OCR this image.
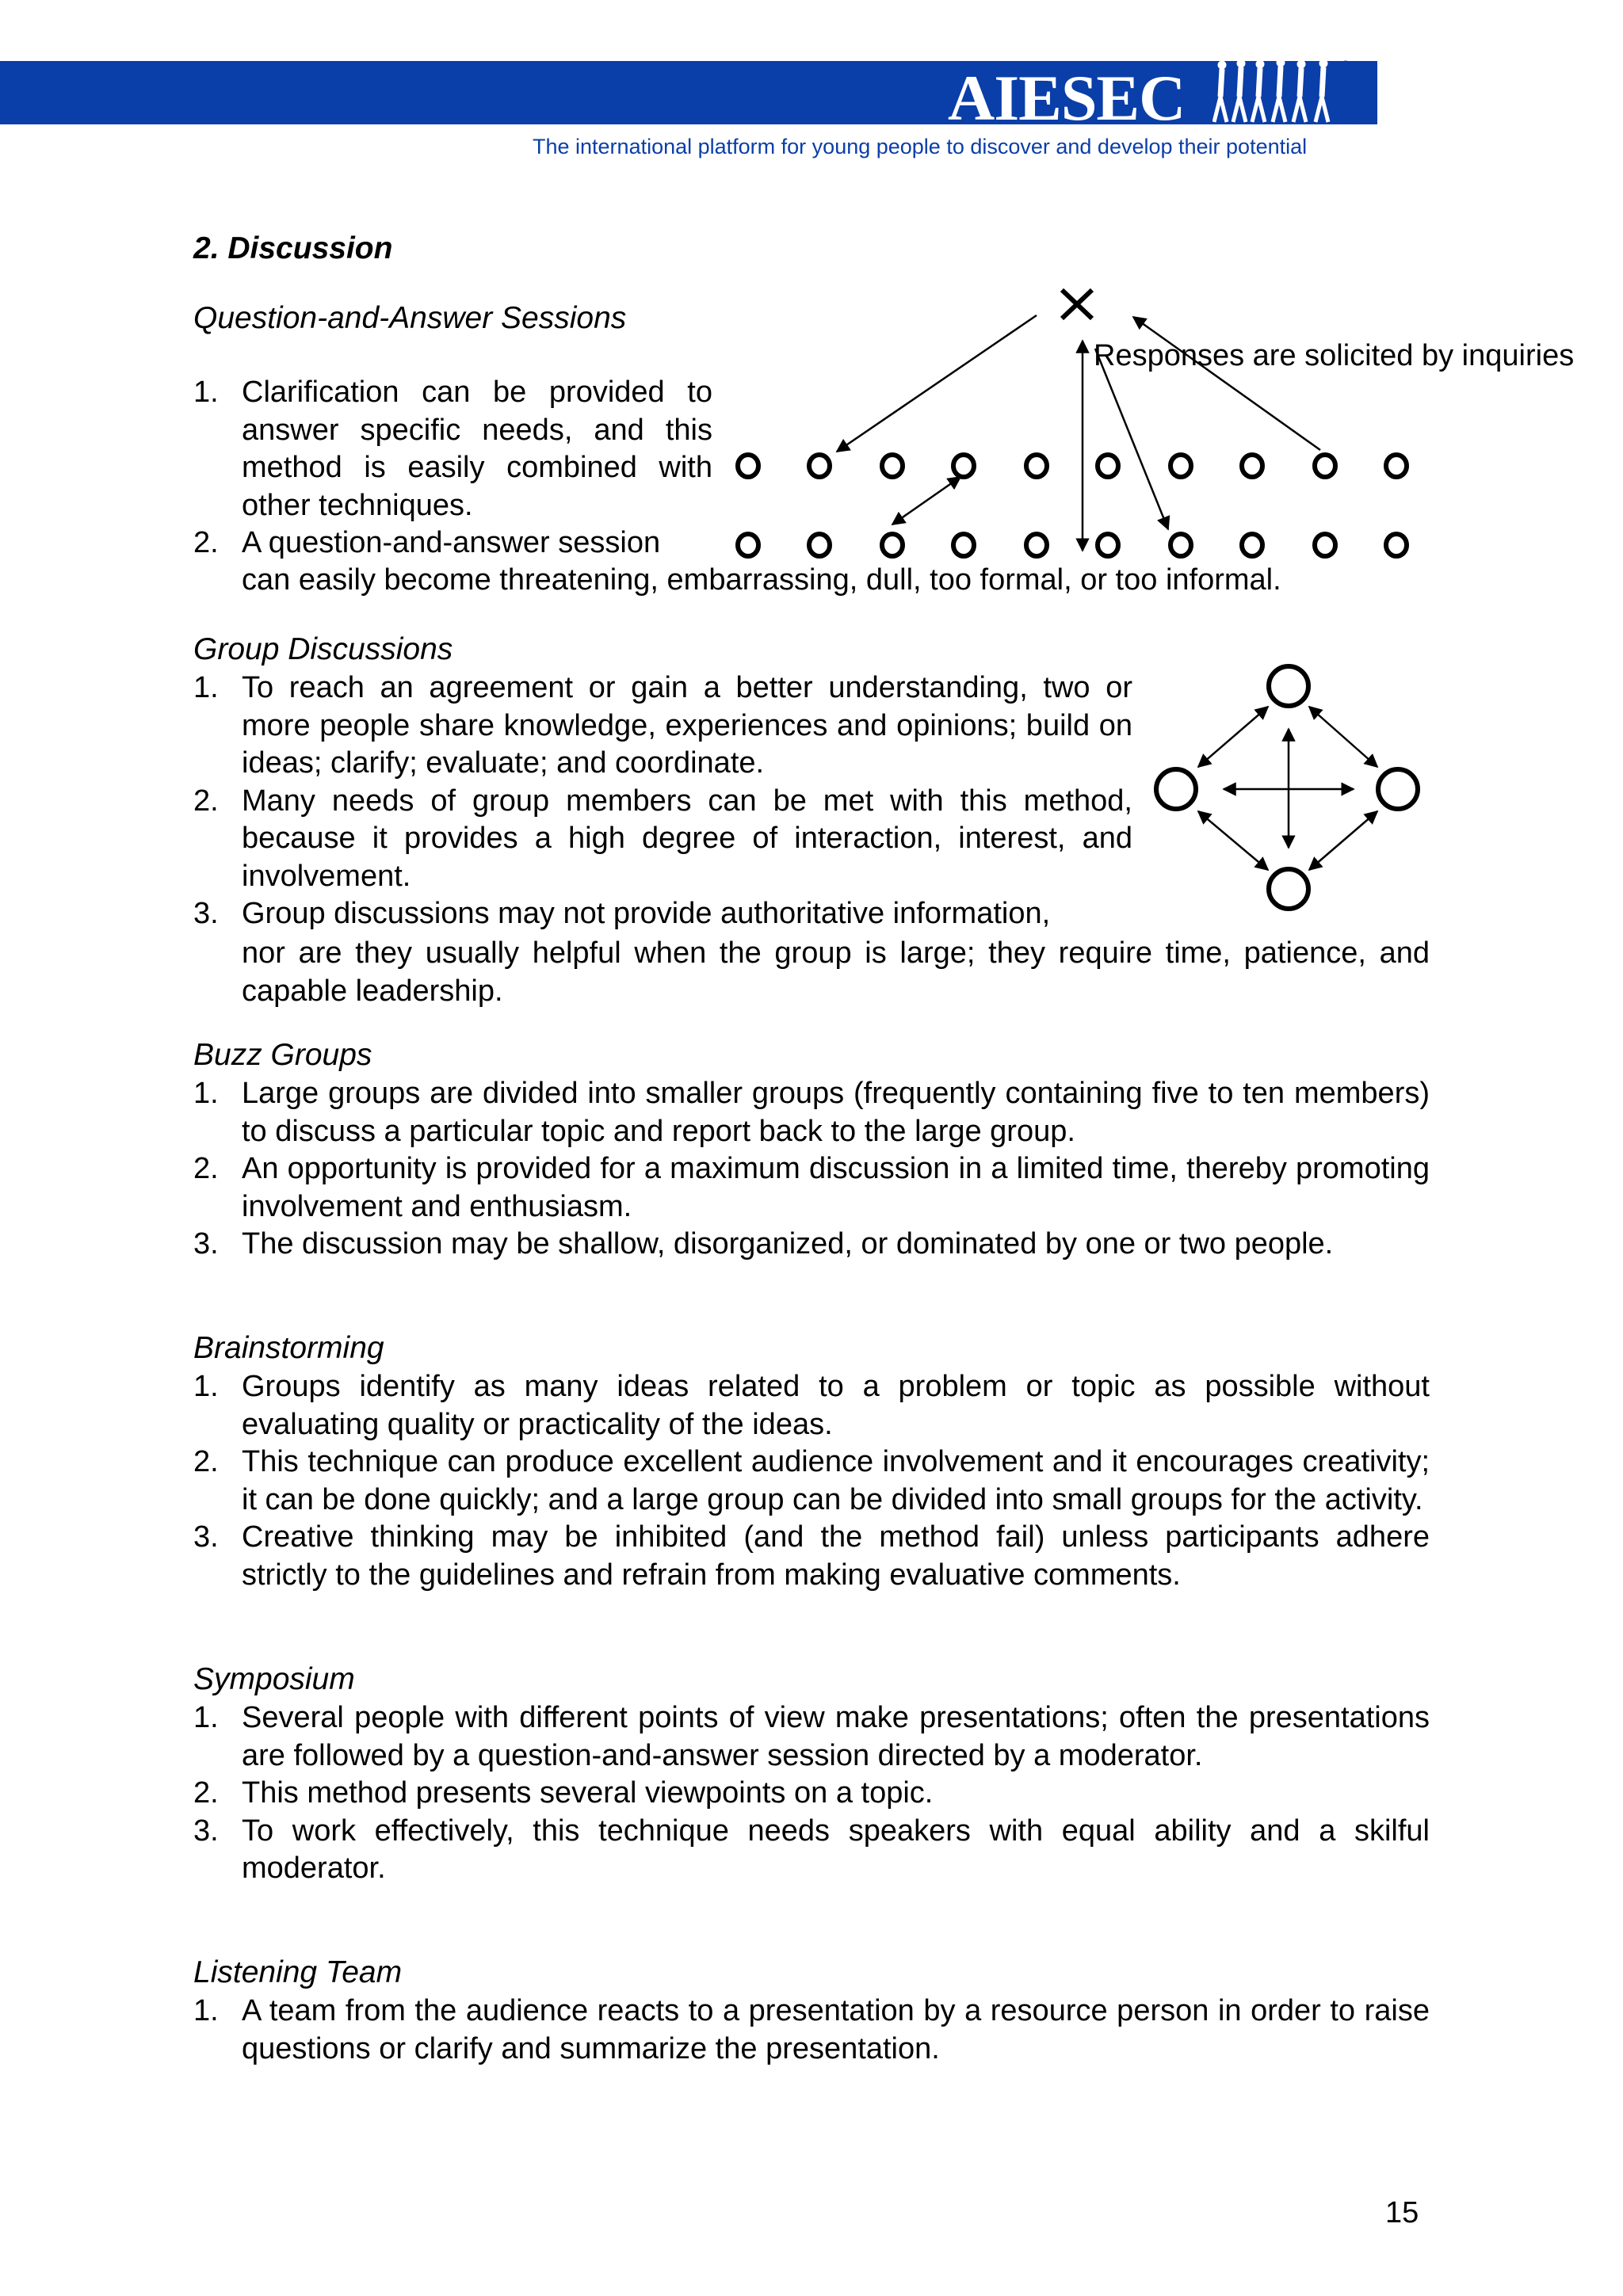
AIESEC
The international platform for young people to discover and develop their potential
2. Discussion
Question-and-Answer Sessions
1. Clarification can be provided to answer specific needs, and this method is easily combined with other techniques.
2. A question-and-answer session
can easily become threatening, embarrassing, dull, too formal, or too informal.
Responses are solicited by inquiries
Group Discussions
1. To reach an agreement or gain a better understanding, two or more people share knowledge, experiences and opinions; build on ideas; clarify; evaluate; and coordinate.
2. Many needs of group members can be met with this method, because it provides a high degree of interaction, interest, and involvement.
3. Group discussions may not provide authoritative information,
nor are they usually helpful when the group is large; they require time, patience, and capable leadership.
Buzz Groups
1. Large groups are divided into smaller groups (frequently containing five to ten members) to discuss a particular topic and report back to the large group.
2. An opportunity is provided for a maximum discussion in a limited time, thereby promoting involvement and enthusiasm.
3. The discussion may be shallow, disorganized, or dominated by one or two people.
Brainstorming
1. Groups identify as many ideas related to a problem or topic as possible without evaluating quality or practicality of the ideas.
2. This technique can produce excellent audience involvement and it encourages creativity; it can be done quickly; and a large group can be divided into small groups for the activity.
3. Creative thinking may be inhibited (and the method fail) unless participants adhere strictly to the guidelines and refrain from making evaluative comments.
Symposium
1. Several people with different points of view make presentations; often the presentations are followed by a question-and-answer session directed by a moderator.
2. This method presents several viewpoints on a topic.
3. To work effectively, this technique needs speakers with equal ability and a skilful moderator.
Listening Team
1. A team from the audience reacts to a presentation by a resource person in order to raise questions or clarify and summarize the presentation.
15
